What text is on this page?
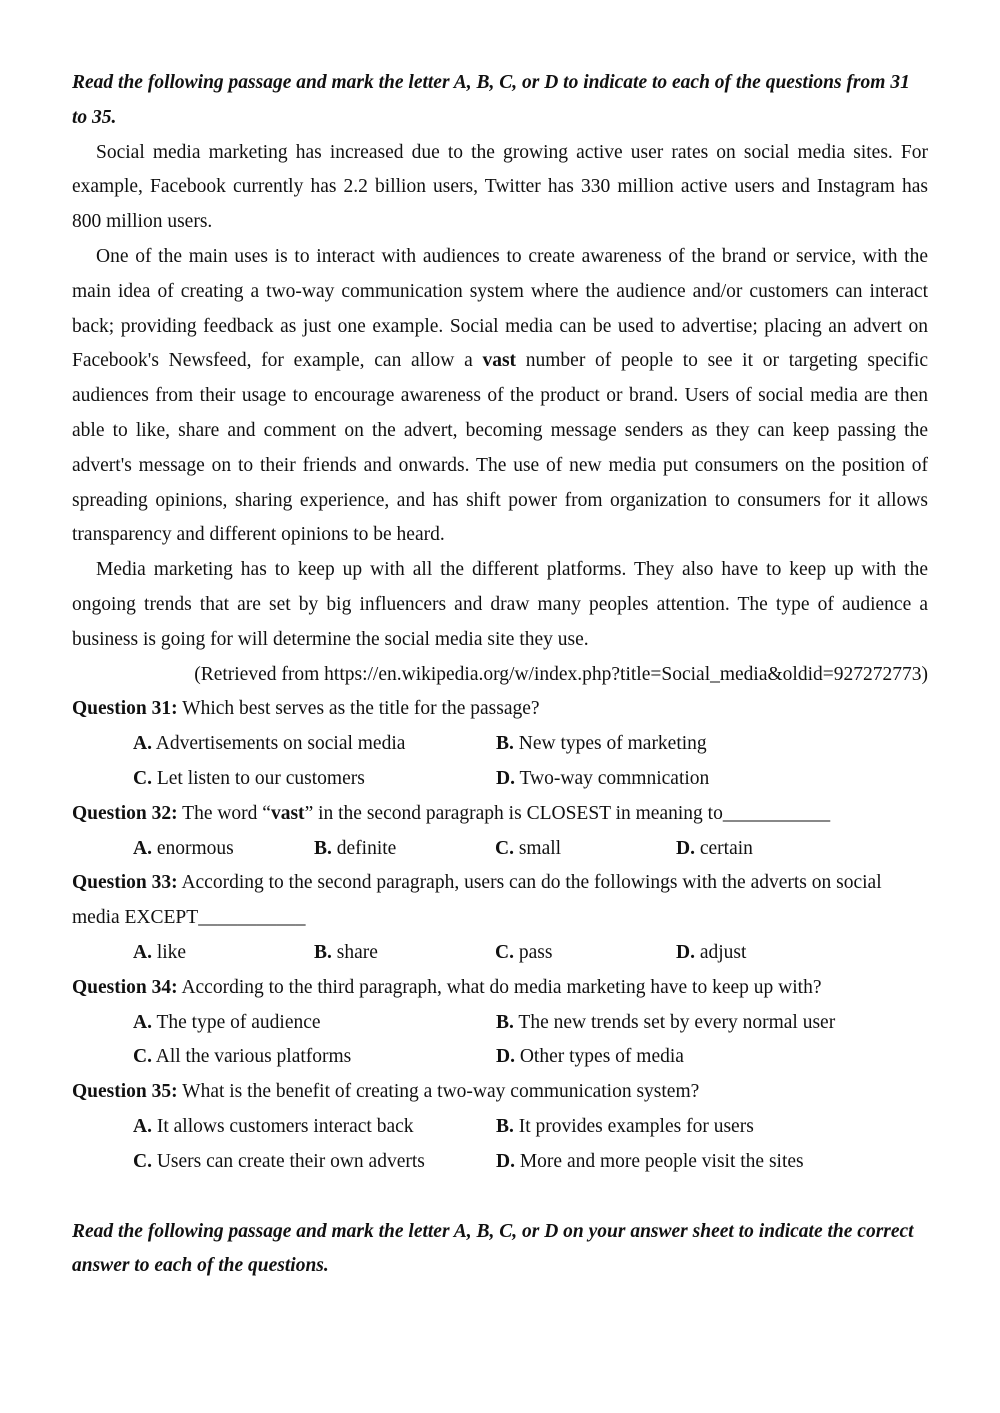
Read the following passage and mark the letter A, B, C, or D to indicate to each of the questions from 31 to 35.

Social media marketing has increased due to the growing active user rates on social media sites. For example, Facebook currently has 2.2 billion users, Twitter has 330 million active users and Instagram has 800 million users.

One of the main uses is to interact with audiences to create awareness of the brand or service, with the main idea of creating a two-way communication system where the audience and/or customers can interact back; providing feedback as just one example. Social media can be used to advertise; placing an advert on Facebook's Newsfeed, for example, can allow a vast number of people to see it or targeting specific audiences from their usage to encourage awareness of the product or brand. Users of social media are then able to like, share and comment on the advert, becoming message senders as they can keep passing the advert's message on to their friends and onwards. The use of new media put consumers on the position of spreading opinions, sharing experience, and has shift power from organization to consumers for it allows transparency and different opinions to be heard.

Media marketing has to keep up with all the different platforms. They also have to keep up with the ongoing trends that are set by big influencers and draw many peoples attention. The type of audience a business is going for will determine the social media site they use.

(Retrieved from https://en.wikipedia.org/w/index.php?title=Social_media&oldid=927272773)

Question 31: Which best serves as the title for the passage?

A. Advertisements on social media	B. New types of marketing
C. Let listen to our customers	D. Two-way commnication

Question 32: The word “vast” in the second paragraph is CLOSEST in meaning to___________

A. enormous	B. definite	C. small	D. certain

Question 33: According to the second paragraph, users can do the followings with the adverts on social media EXCEPT___________

A. like	B. share	C. pass	D. adjust

Question 34: According to the third paragraph, what do media marketing have to keep up with?

A. The type of audience	B. The new trends set by every normal user
C. All the various platforms	D. Other types of media

Question 35: What is the benefit of creating a two-way communication system?

A. It allows customers interact back	B. It provides examples for users
C. Users can create their own adverts	D. More and more people visit the sites

Read the following passage and mark the letter A, B, C, or D on your answer sheet to indicate the correct answer to each of the questions.
